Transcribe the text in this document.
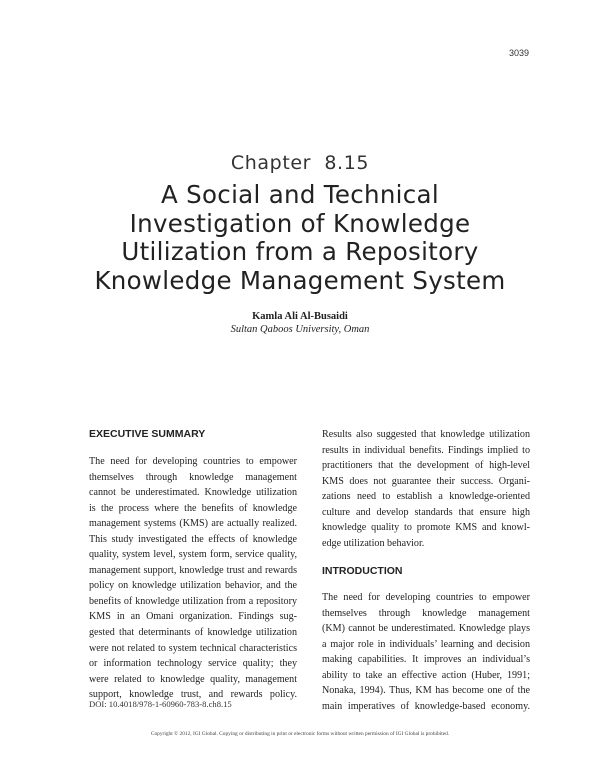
3039
Chapter  8.15
A Social and Technical
Investigation of Knowledge
Utilization from a Repository
Knowledge Management System
Kamla Ali Al-Busaidi
Sultan Qaboos University, Oman
EXECUTIVE SUMMARY
The need for developing countries to empower
themselves through knowledge management
cannot be underestimated. Knowledge utilization
is the process where the benefits of knowledge
management systems (KMS) are actually realized.
This study investigated the effects of knowledge
quality, system level, system form, service quality,
management support, knowledge trust and rewards
policy on knowledge utilization behavior, and the
benefits of knowledge utilization from a repository
KMS in an Omani organization. Findings sug-
gested that determinants of knowledge utilization
were not related to system technical characteristics
or information technology service quality; they
were related to knowledge quality, management
support, knowledge trust, and rewards policy.
DOI: 10.4018/978-1-60960-783-8.ch8.15
Results also suggested that knowledge utilization
results in individual benefits. Findings implied to
practitioners that the development of high-level
KMS does not guarantee their success. Organi-
zations need to establish a knowledge-oriented
culture and develop standards that ensure high
knowledge quality to promote KMS and knowl-
edge utilization behavior.
INTRODUCTION
The need for developing countries to empower
themselves through knowledge management
(KM) cannot be underestimated. Knowledge plays
a major role in individuals’ learning and decision
making capabilities. It improves an individual’s
ability to take an effective action (Huber, 1991;
Nonaka, 1994). Thus, KM has become one of the
main imperatives of knowledge-based economy.
Copyright © 2012, IGI Global. Copying or distributing in print or electronic forms without written permission of IGI Global is prohibited.
